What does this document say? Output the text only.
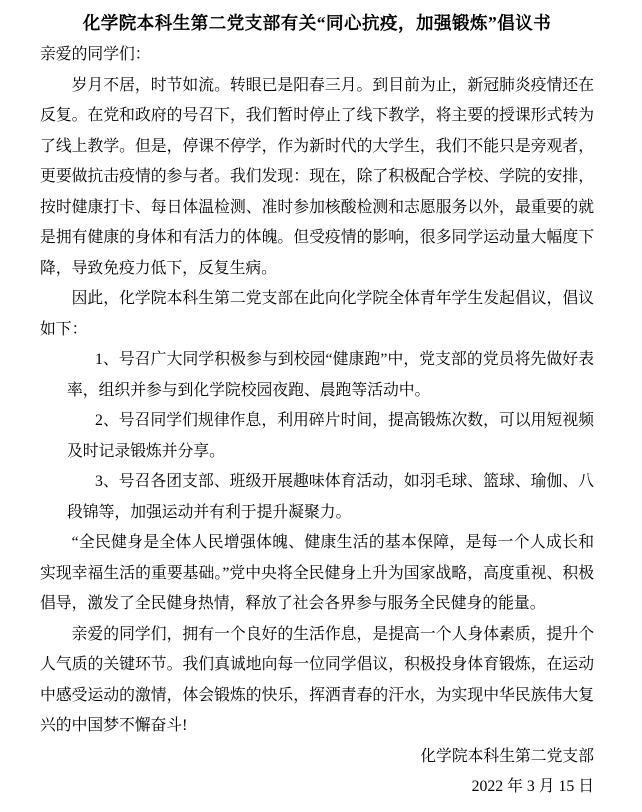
化学院本科生第二党支部有关“同心抗疫，加强锻炼”倡议书

亲爱的同学们：

岁月不居，时节如流。转眼已是阳春三月。到目前为止，新冠肺炎疫情还在反复。在党和政府的号召下，我们暂时停止了线下教学，将主要的授课形式转为了线上教学。但是，停课不停学，作为新时代的大学生，我们不能只是旁观者，更要做抗击疫情的参与者。我们发现：现在，除了积极配合学校、学院的安排，按时健康打卡、每日体温检测、准时参加核酸检测和志愿服务以外，最重要的就是拥有健康的身体和有活力的体魄。但受疫情的影响，很多同学运动量大幅度下降，导致免疫力低下，反复生病。

因此，化学院本科生第二党支部在此向化学院全体青年学生发起倡议，倡议如下：

1、号召广大同学积极参与到校园“健康跑”中，党支部的党员将先做好表率，组织并参与到化学院校园夜跑、晨跑等活动中。

2、号召同学们规律作息，利用碎片时间，提高锻炼次数，可以用短视频及时记录锻炼并分享。

3、号召各团支部、班级开展趣味体育活动，如羽毛球、篮球、瑜伽、八段锦等，加强运动并有利于提升凝聚力。

“全民健身是全体人民增强体魄、健康生活的基本保障，是每一个人成长和实现幸福生活的重要基础。”党中央将全民健身上升为国家战略，高度重视、积极倡导，激发了全民健身热情，释放了社会各界参与服务全民健身的能量。

亲爱的同学们，拥有一个良好的生活作息，是提高一个人身体素质，提升个人气质的关键环节。我们真诚地向每一位同学倡议，积极投身体育锻炼，在运动中感受运动的激情，体会锻炼的快乐，挥洒青春的汗水，为实现中华民族伟大复兴的中国梦不懈奋斗!

化学院本科生第二党支部

2022 年 3 月 15 日
